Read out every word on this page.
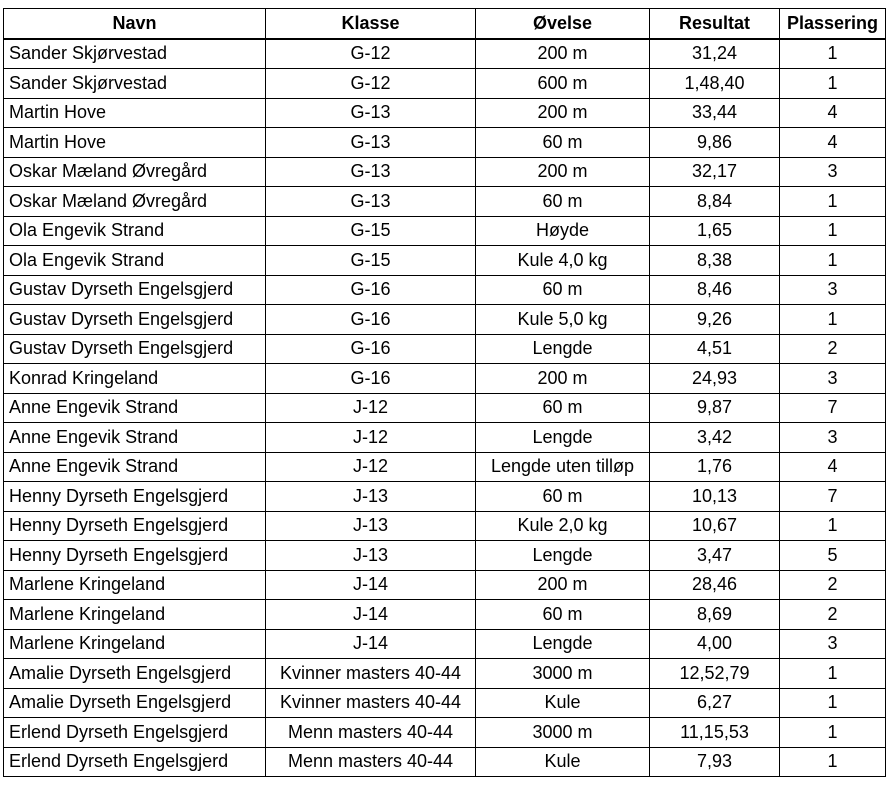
Navn	Klasse	Øvelse	Resultat	Plassering
Sander Skjørvestad	G-12	200 m	31,24	1
Sander Skjørvestad	G-12	600 m	1,48,40	1
Martin Hove	G-13	200 m	33,44	4
Martin Hove	G-13	60 m	9,86	4
Oskar Mæland Øvregård	G-13	200 m	32,17	3
Oskar Mæland Øvregård	G-13	60 m	8,84	1
Ola Engevik Strand	G-15	Høyde	1,65	1
Ola Engevik Strand	G-15	Kule 4,0 kg	8,38	1
Gustav Dyrseth Engelsgjerd	G-16	60 m	8,46	3
Gustav Dyrseth Engelsgjerd	G-16	Kule 5,0 kg	9,26	1
Gustav Dyrseth Engelsgjerd	G-16	Lengde	4,51	2
Konrad Kringeland	G-16	200 m	24,93	3
Anne Engevik Strand	J-12	60 m	9,87	7
Anne Engevik Strand	J-12	Lengde	3,42	3
Anne Engevik Strand	J-12	Lengde uten tilløp	1,76	4
Henny Dyrseth Engelsgjerd	J-13	60 m	10,13	7
Henny Dyrseth Engelsgjerd	J-13	Kule 2,0 kg	10,67	1
Henny Dyrseth Engelsgjerd	J-13	Lengde	3,47	5
Marlene Kringeland	J-14	200 m	28,46	2
Marlene Kringeland	J-14	60 m	8,69	2
Marlene Kringeland	J-14	Lengde	4,00	3
Amalie Dyrseth Engelsgjerd	Kvinner masters 40-44	3000 m	12,52,79	1
Amalie Dyrseth Engelsgjerd	Kvinner masters 40-44	Kule	6,27	1
Erlend Dyrseth Engelsgjerd	Menn masters 40-44	3000 m	11,15,53	1
Erlend Dyrseth Engelsgjerd	Menn masters 40-44	Kule	7,93	1
